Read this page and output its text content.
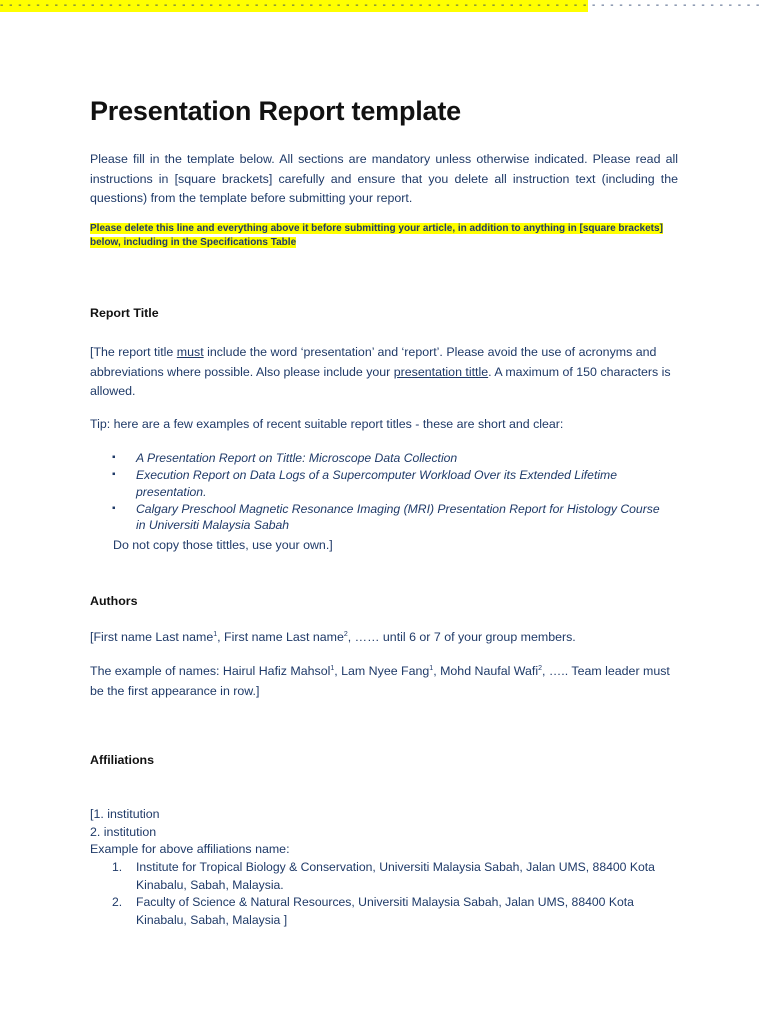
Presentation Report template
Please fill in the template below. All sections are mandatory unless otherwise indicated. Please read all instructions in [square brackets] carefully and ensure that you delete all instruction text (including the questions) from the template before submitting your report.
Please delete this line and everything above it before submitting your article, in addition to anything in [square brackets] below, including in the Specifications Table
- - - - - - - - - - - - - - - - - - - - - - - - - - - - - - - - - - - - - - - - - - - - - - - - - - - - - - - - - - - - - - - - - - - - - - - - - - - - - - - - - - - -
Report Title
[The report title must include the word ‘presentation’ and ‘report’. Please avoid the use of acronyms and abbreviations where possible. Also please include your presentation tittle. A maximum of 150 characters is allowed.
Tip: here are a few examples of recent suitable report titles - these are short and clear:
▪ A Presentation Report on Tittle: Microscope Data Collection
▪ Execution Report on Data Logs of a Supercomputer Workload Over its Extended Lifetime presentation.
▪ Calgary Preschool Magnetic Resonance Imaging (MRI) Presentation Report for Histology Course in Universiti Malaysia Sabah
Do not copy those tittles, use your own.]
Authors
[First name Last name$^1$, First name Last name$^2$, …… until 6 or 7 of your group members.
The example of names: Hairul Hafiz Mahsol$^1$, Lam Nyee Fang$^1$, Mohd Naufal Wafi$^2$, ….. Team leader must be the first appearance in row.]
Affiliations
[1. institution
2. institution
Example for above affiliations name:
1. Institute for Tropical Biology & Conservation, Universiti Malaysia Sabah, Jalan UMS, 88400 Kota Kinabalu, Sabah, Malaysia.
2. Faculty of Science & Natural Resources, Universiti Malaysia Sabah, Jalan UMS, 88400 Kota Kinabalu, Sabah, Malaysia ]
